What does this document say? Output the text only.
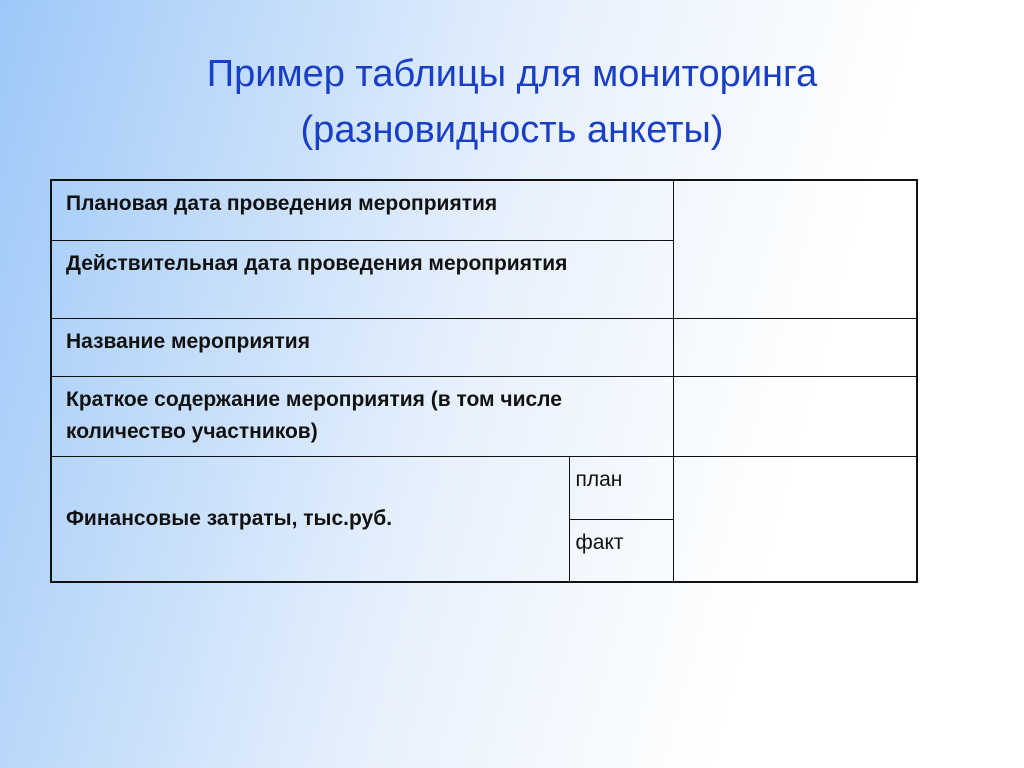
Пример таблицы для мониторинга
(разновидность анкеты)
Плановая дата проведения мероприятия		
Действительная дата проведения мероприятия		
Название мероприятия		
Краткое содержание мероприятия (в том числе количество участников)		
Финансовые затраты, тыс.руб.	план	
	факт	
